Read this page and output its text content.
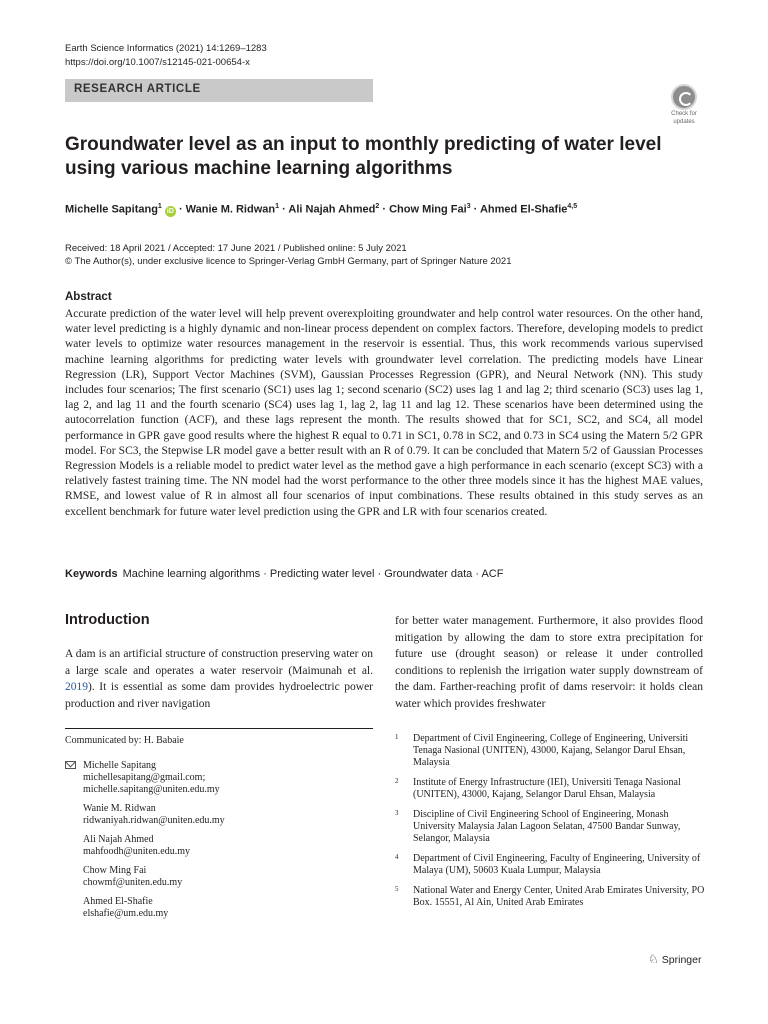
Earth Science Informatics (2021) 14:1269–1283
https://doi.org/10.1007/s12145-021-00654-x
RESEARCH ARTICLE
Check for
updates
Groundwater level as an input to monthly predicting of water level using various machine learning algorithms
Michelle Sapitang$^1$ iD · Wanie M. Ridwan$^1$ · Ali Najah Ahmed$^2$ · Chow Ming Fai$^3$ · Ahmed El-Shafie$^{4,5}$
Received: 18 April 2021 / Accepted: 17 June 2021 / Published online: 5 July 2021
© The Author(s), under exclusive licence to Springer-Verlag GmbH Germany, part of Springer Nature 2021
Abstract
Accurate prediction of the water level will help prevent overexploiting groundwater and help control water resources. On the other hand, water level predicting is a highly dynamic and non-linear process dependent on complex factors. Therefore, developing models to predict water levels to optimize water resources management in the reservoir is essential. Thus, this work recommends various supervised machine learning algorithms for predicting water levels with groundwater level correlation. The predicting models have Linear Regression (LR), Support Vector Machines (SVM), Gaussian Processes Regression (GPR), and Neural Network (NN). This study includes four scenarios; The first scenario (SC1) uses lag 1; second scenario (SC2) uses lag 1 and lag 2; third scenario (SC3) uses lag 1, lag 2, and lag 11 and the fourth scenario (SC4) uses lag 1, lag 2, lag 11 and lag 12. These scenarios have been determined using the autocorrelation function (ACF), and these lags represent the month. The results showed that for SC1, SC2, and SC4, all model performance in GPR gave good results where the highest R equal to 0.71 in SC1, 0.78 in SC2, and 0.73 in SC4 using the Matern 5/2 GPR model. For SC3, the Stepwise LR model gave a better result with an R of 0.79. It can be concluded that Matern 5/2 of Gaussian Processes Regression Models is a reliable model to predict water level as the method gave a high performance in each scenario (except SC3) with a relatively fastest training time. The NN model had the worst performance to the other three models since it has the highest MAE values, RMSE, and lowest value of R in almost all four scenarios of input combinations. These results obtained in this study serves as an excellent benchmark for future water level prediction using the GPR and LR with four scenarios created.
Keywords Machine learning algorithms · Predicting water level · Groundwater data · ACF
Introduction
A dam is an artificial structure of construction preserving water on a large scale and operates a water reservoir (Maimunah et al. 2019). It is essential as some dam provides hydroelectric power production and river navigation
for better water management. Furthermore, it also provides flood mitigation by allowing the dam to store extra precipitation for future use (drought season) or release it under controlled conditions to replenish the irrigation water supply downstream of the dam. Farther-reaching profit of dams reservoir: it holds clean water which provides freshwater
Communicated by: H. Babaie
Michelle Sapitang
michellesapitang@gmail.com;
michelle.sapitang@uniten.edu.my
Wanie M. Ridwan
ridwaniyah.ridwan@uniten.edu.my
Ali Najah Ahmed
mahfoodh@uniten.edu.my
Chow Ming Fai
chowmf@uniten.edu.my
Ahmed El-Shafie
elshafie@um.edu.my
1 Department of Civil Engineering, College of Engineering, Universiti Tenaga Nasional (UNITEN), 43000, Kajang, Selangor Darul Ehsan, Malaysia
2 Institute of Energy Infrastructure (IEI), Universiti Tenaga Nasional (UNITEN), 43000, Kajang, Selangor Darul Ehsan, Malaysia
3 Discipline of Civil Engineering School of Engineering, Monash University Malaysia Jalan Lagoon Selatan, 47500 Bandar Sunway, Selangor, Malaysia
4 Department of Civil Engineering, Faculty of Engineering, University of Malaya (UM), 50603 Kuala Lumpur, Malaysia
5 National Water and Energy Center, United Arab Emirates University, PO Box. 15551, Al Ain, United Arab Emirates
♘ Springer
